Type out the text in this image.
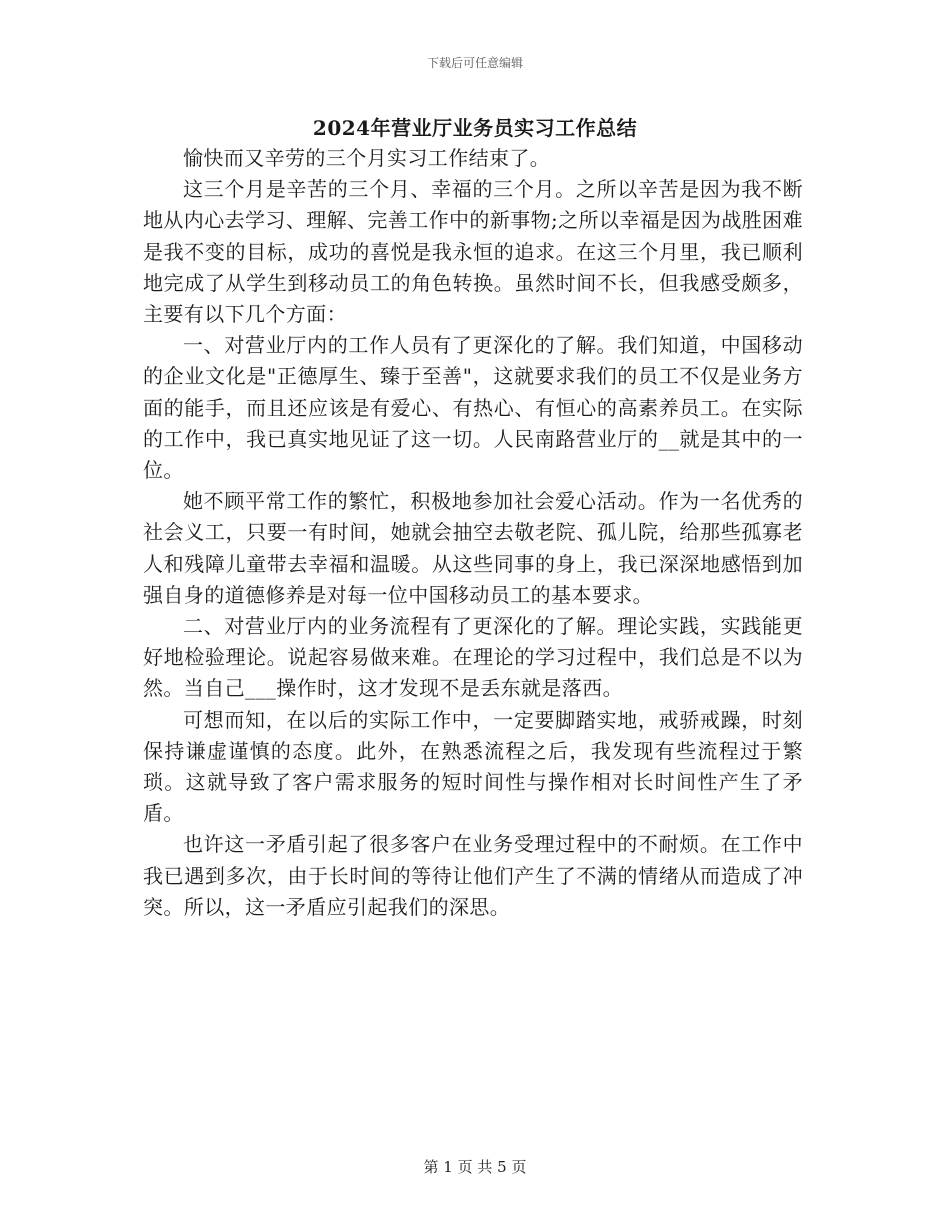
下载后可任意编辑
2024年营业厅业务员实习工作总结

愉快而又辛劳的三个月实习工作结束了。

这三个月是辛苦的三个月、幸福的三个月。之所以辛苦是因为我不断地从内心去学习、理解、完善工作中的新事物;之所以幸福是因为战胜困难是我不变的目标，成功的喜悦是我永恒的追求。在这三个月里，我已顺利地完成了从学生到移动员工的角色转换。虽然时间不长，但我感受颇多，主要有以下几个方面：

一、对营业厅内的工作人员有了更深化的了解。我们知道，中国移动的企业文化是"正德厚生、臻于至善"，这就要求我们的员工不仅是业务方面的能手，而且还应该是有爱心、有热心、有恒心的高素养员工。在实际的工作中，我已真实地见证了这一切。人民南路营业厅的__就是其中的一位。

她不顾平常工作的繁忙，积极地参加社会爱心活动。作为一名优秀的社会义工，只要一有时间，她就会抽空去敬老院、孤儿院，给那些孤寡老人和残障儿童带去幸福和温暖。从这些同事的身上，我已深深地感悟到加强自身的道德修养是对每一位中国移动员工的基本要求。

二、对营业厅内的业务流程有了更深化的了解。理论实践，实践能更好地检验理论。说起容易做来难。在理论的学习过程中，我们总是不以为然。当自己___操作时，这才发现不是丢东就是落西。

可想而知，在以后的实际工作中，一定要脚踏实地，戒骄戒躁，时刻保持谦虚谨慎的态度。此外，在熟悉流程之后，我发现有些流程过于繁琐。这就导致了客户需求服务的短时间性与操作相对长时间性产生了矛盾。

也许这一矛盾引起了很多客户在业务受理过程中的不耐烦。在工作中我已遇到多次，由于长时间的等待让他们产生了不满的情绪从而造成了冲突。所以，这一矛盾应引起我们的深思。

第 1 页 共 5 页
